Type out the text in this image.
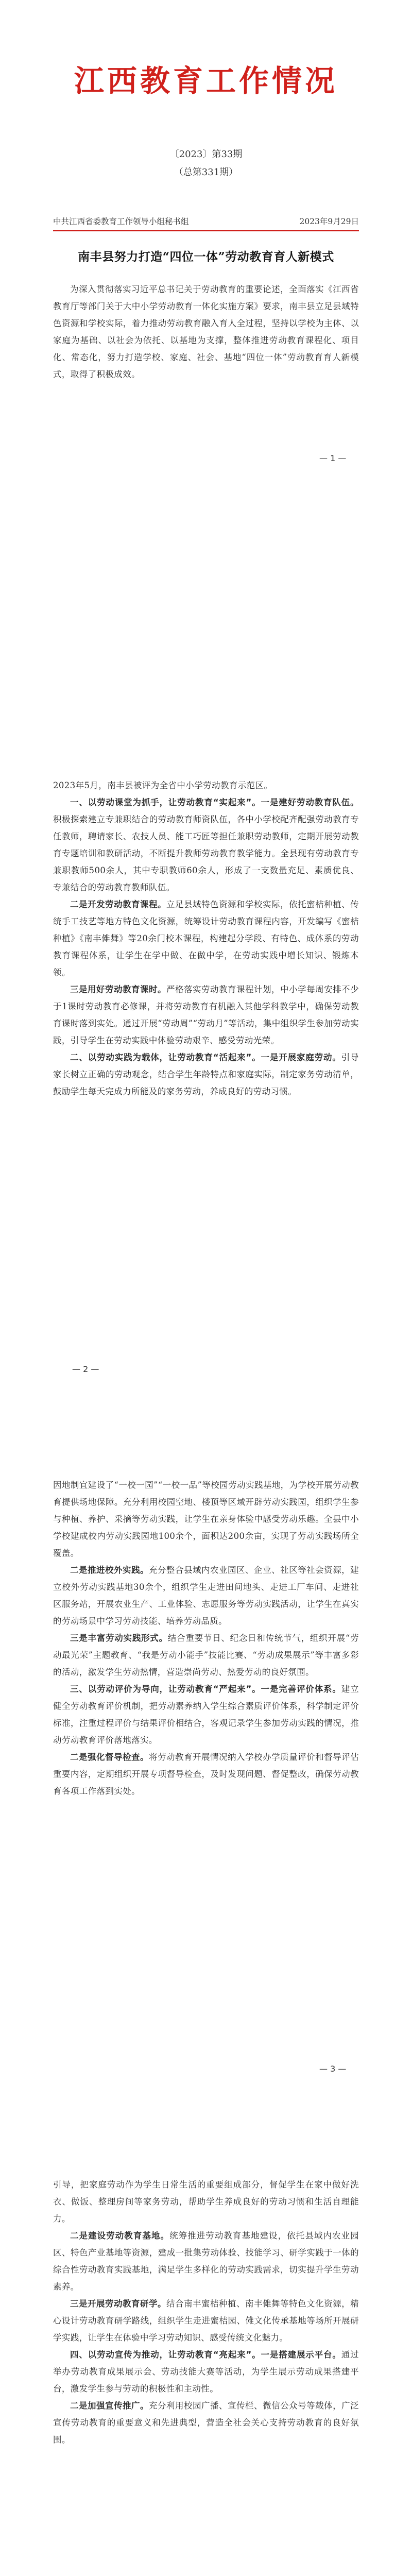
江西教育工作情况
〔2023〕第33期
（总第331期）
中共江西省委教育工作领导小组秘书组	2023年9月29日
南丰县努力打造“四位一体”劳动教育育人新模式

为深入贯彻落实习近平总书记关于劳动教育的重要论述，全面落实《江西省教育厅等部门关于大中小学劳动教育一体化实施方案》要求，南丰县立足县域特色资源和学校实际，着力推动劳动教育融入育人全过程，坚持以学校为主体、以家庭为基础、以社会为依托、以基地为支撑，整体推进劳动教育课程化、项目化、常态化，努力打造学校、家庭、社会、基地“四位一体”劳动教育育人新模式，取得了积极成效。

— 1 —

2023年5月，南丰县被评为全省中小学劳动教育示范区。

一、以劳动课堂为抓手，让劳动教育“实起来”。一是建好劳动教育队伍。积极探索建立专兼职结合的劳动教育师资队伍，各中小学校配齐配强劳动教育专任教师，聘请家长、农技人员、能工巧匠等担任兼职劳动教师，定期开展劳动教育专题培训和教研活动，不断提升教师劳动教育教学能力。全县现有劳动教育专兼职教师500余人，其中专职教师60余人，形成了一支数量充足、素质优良、专兼结合的劳动教育教师队伍。

二是开发劳动教育课程。立足县域特色资源和学校实际，依托蜜桔种植、传统手工技艺等地方特色文化资源，统筹设计劳动教育课程内容，开发编写《蜜桔种植》《南丰傩舞》等20余门校本课程，构建起分学段、有特色、成体系的劳动教育课程体系，让学生在学中做、在做中学，在劳动实践中增长知识、锻炼本领。

三是用好劳动教育课时。严格落实劳动教育课程计划，中小学每周安排不少于1课时劳动教育必修课，并将劳动教育有机融入其他学科教学中，确保劳动教育课时落到实处。通过开展“劳动周”“劳动月”等活动，集中组织学生参加劳动实践，引导学生在劳动实践中体验劳动艰辛、感受劳动光荣。

二、以劳动实践为载体，让劳动教育“活起来”。一是开展家庭劳动。引导家长树立正确的劳动观念，结合学生年龄特点和家庭实际，制定家务劳动清单，鼓励学生每天完成力所能及的家务劳动，养成良好的劳动习惯。

— 2 —

因地制宜建设了“一校一园”“一校一品”等校园劳动实践基地，为学校开展劳动教育提供场地保障。充分利用校园空地、楼顶等区域开辟劳动实践园，组织学生参与种植、养护、采摘等劳动实践，让学生在亲身体验中感受劳动乐趣。全县中小学校建成校内劳动实践园地100余个，面积达200余亩，实现了劳动实践场所全覆盖。

二是推进校外实践。充分整合县域内农业园区、企业、社区等社会资源，建立校外劳动实践基地30余个，组织学生走进田间地头、走进工厂车间、走进社区服务站，开展农业生产、工业体验、志愿服务等劳动实践活动，让学生在真实的劳动场景中学习劳动技能、培养劳动品质。

三是丰富劳动实践形式。结合重要节日、纪念日和传统节气，组织开展“劳动最光荣”主题教育、“我是劳动小能手”技能比赛、“劳动成果展示”等丰富多彩的活动，激发学生劳动热情，营造崇尚劳动、热爱劳动的良好氛围。

三、以劳动评价为导向，让劳动教育“严起来”。一是完善评价体系。建立健全劳动教育评价机制，把劳动素养纳入学生综合素质评价体系，科学制定评价标准，注重过程评价与结果评价相结合，客观记录学生参加劳动实践的情况，推动劳动教育评价落地落实。

二是强化督导检查。将劳动教育开展情况纳入学校办学质量评价和督导评估重要内容，定期组织开展专项督导检查，及时发现问题、督促整改，确保劳动教育各项工作落到实处。

— 3 —

引导，把家庭劳动作为学生日常生活的重要组成部分，督促学生在家中做好洗衣、做饭、整理房间等家务劳动，帮助学生养成良好的劳动习惯和生活自理能力。

二是建设劳动教育基地。统筹推进劳动教育基地建设，依托县域内农业园区、特色产业基地等资源，建成一批集劳动体验、技能学习、研学实践于一体的综合性劳动教育实践基地，满足学生多样化的劳动实践需求，切实提升学生劳动素养。

三是开展劳动教育研学。结合南丰蜜桔种植、南丰傩舞等特色文化资源，精心设计劳动教育研学路线，组织学生走进蜜桔园、傩文化传承基地等场所开展研学实践，让学生在体验中学习劳动知识、感受传统文化魅力。

四、以劳动宣传为推动，让劳动教育“亮起来”。一是搭建展示平台。通过举办劳动教育成果展示会、劳动技能大赛等活动，为学生展示劳动成果搭建平台，激发学生参与劳动的积极性和主动性。

二是加强宣传推广。充分利用校园广播、宣传栏、微信公众号等载体，广泛宣传劳动教育的重要意义和先进典型，营造全社会关心支持劳动教育的良好氛围。
